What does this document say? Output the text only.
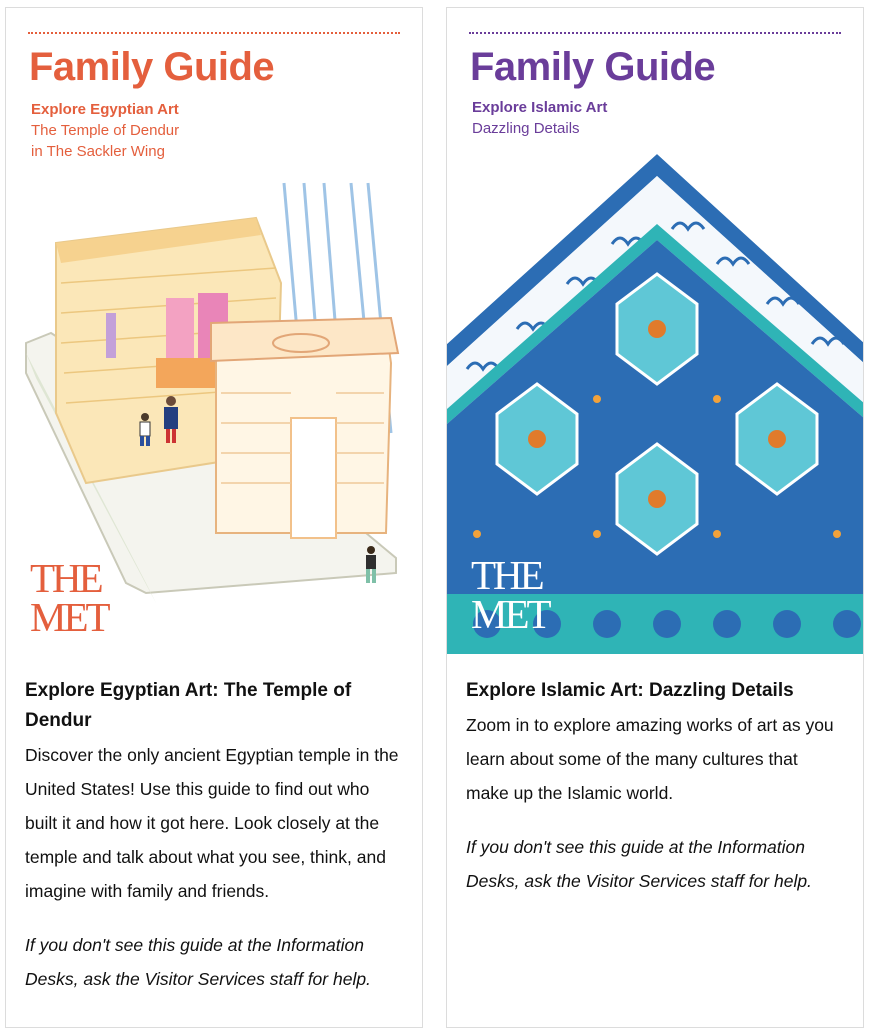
Family Guide
Explore Egyptian Art
The Temple of Dendur
in The Sackler Wing
THE
MET
Explore Egyptian Art: The Temple of Dendur

Discover the only ancient Egyptian temple in the United States! Use this guide to find out who built it and how it got here. Look closely at the temple and talk about what you see, think, and imagine with family and friends.

If you don't see this guide at the Information Desks, ask the Visitor Services staff for help.

Family Guide
Explore Islamic Art
Dazzling Details
THE
MET
Explore Islamic Art: Dazzling Details

Zoom in to explore amazing works of art as you learn about some of the many cultures that make up the Islamic world.

If you don't see this guide at the Information Desks, ask the Visitor Services staff for help.
